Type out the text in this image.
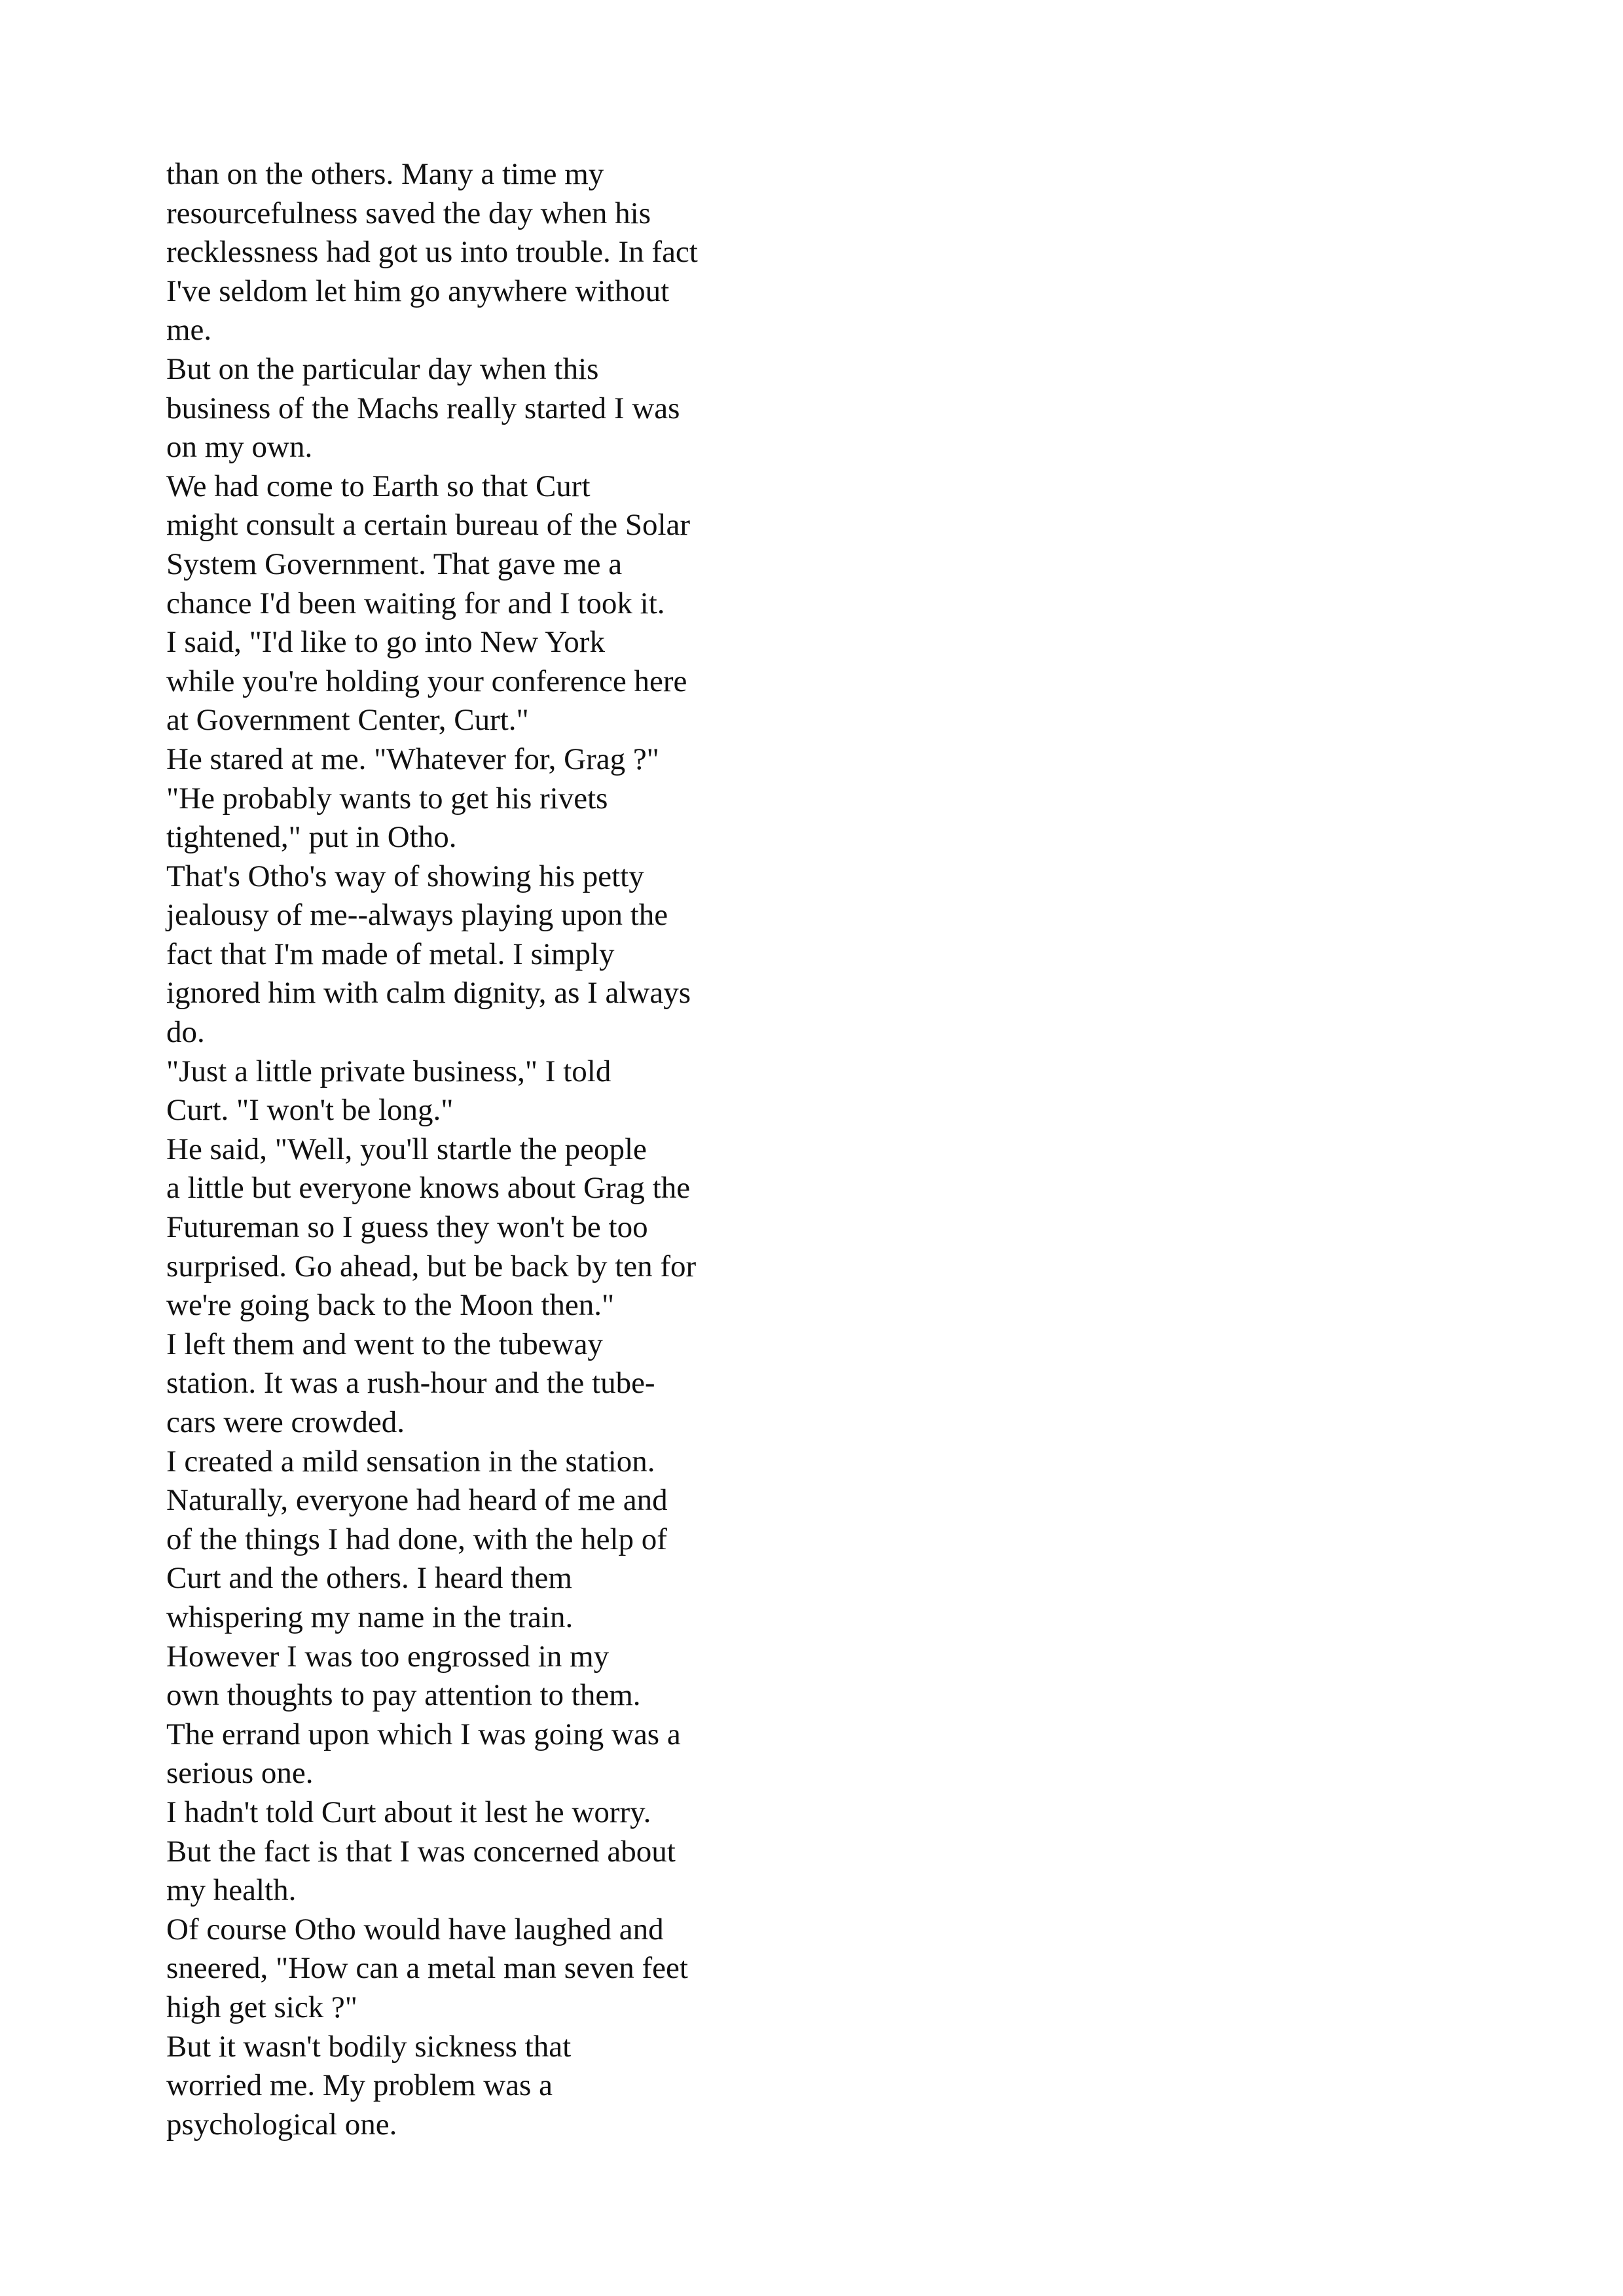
than on the others. Many a time my
resourcefulness saved the day when his
recklessness had got us into trouble. In fact
I've seldom let him go anywhere without
me.
But on the particular day when this
business of the Machs really started I was
on my own.
We had come to Earth so that Curt
might consult a certain bureau of the Solar
System Government. That gave me a
chance I'd been waiting for and I took it.
I said, "I'd like to go into New York
while you're holding your conference here
at Government Center, Curt."
He stared at me. "Whatever for, Grag ?"
"He probably wants to get his rivets
tightened," put in Otho.
That's Otho's way of showing his petty
jealousy of me--always playing upon the
fact that I'm made of metal. I simply
ignored him with calm dignity, as I always
do.
"Just a little private business," I told
Curt. "I won't be long."
He said, "Well, you'll startle the people
a little but everyone knows about Grag the
Futureman so I guess they won't be too
surprised. Go ahead, but be back by ten for
we're going back to the Moon then."
I left them and went to the tubeway
station. It was a rush-hour and the tube-
cars were crowded.
I created a mild sensation in the station.
Naturally, everyone had heard of me and
of the things I had done, with the help of
Curt and the others. I heard them
whispering my name in the train.
However I was too engrossed in my
own thoughts to pay attention to them.
The errand upon which I was going was a
serious one.
I hadn't told Curt about it lest he worry.
But the fact is that I was concerned about
my health.
Of course Otho would have laughed and
sneered, "How can a metal man seven feet
high get sick ?"
But it wasn't bodily sickness that
worried me. My problem was a
psychological one.
